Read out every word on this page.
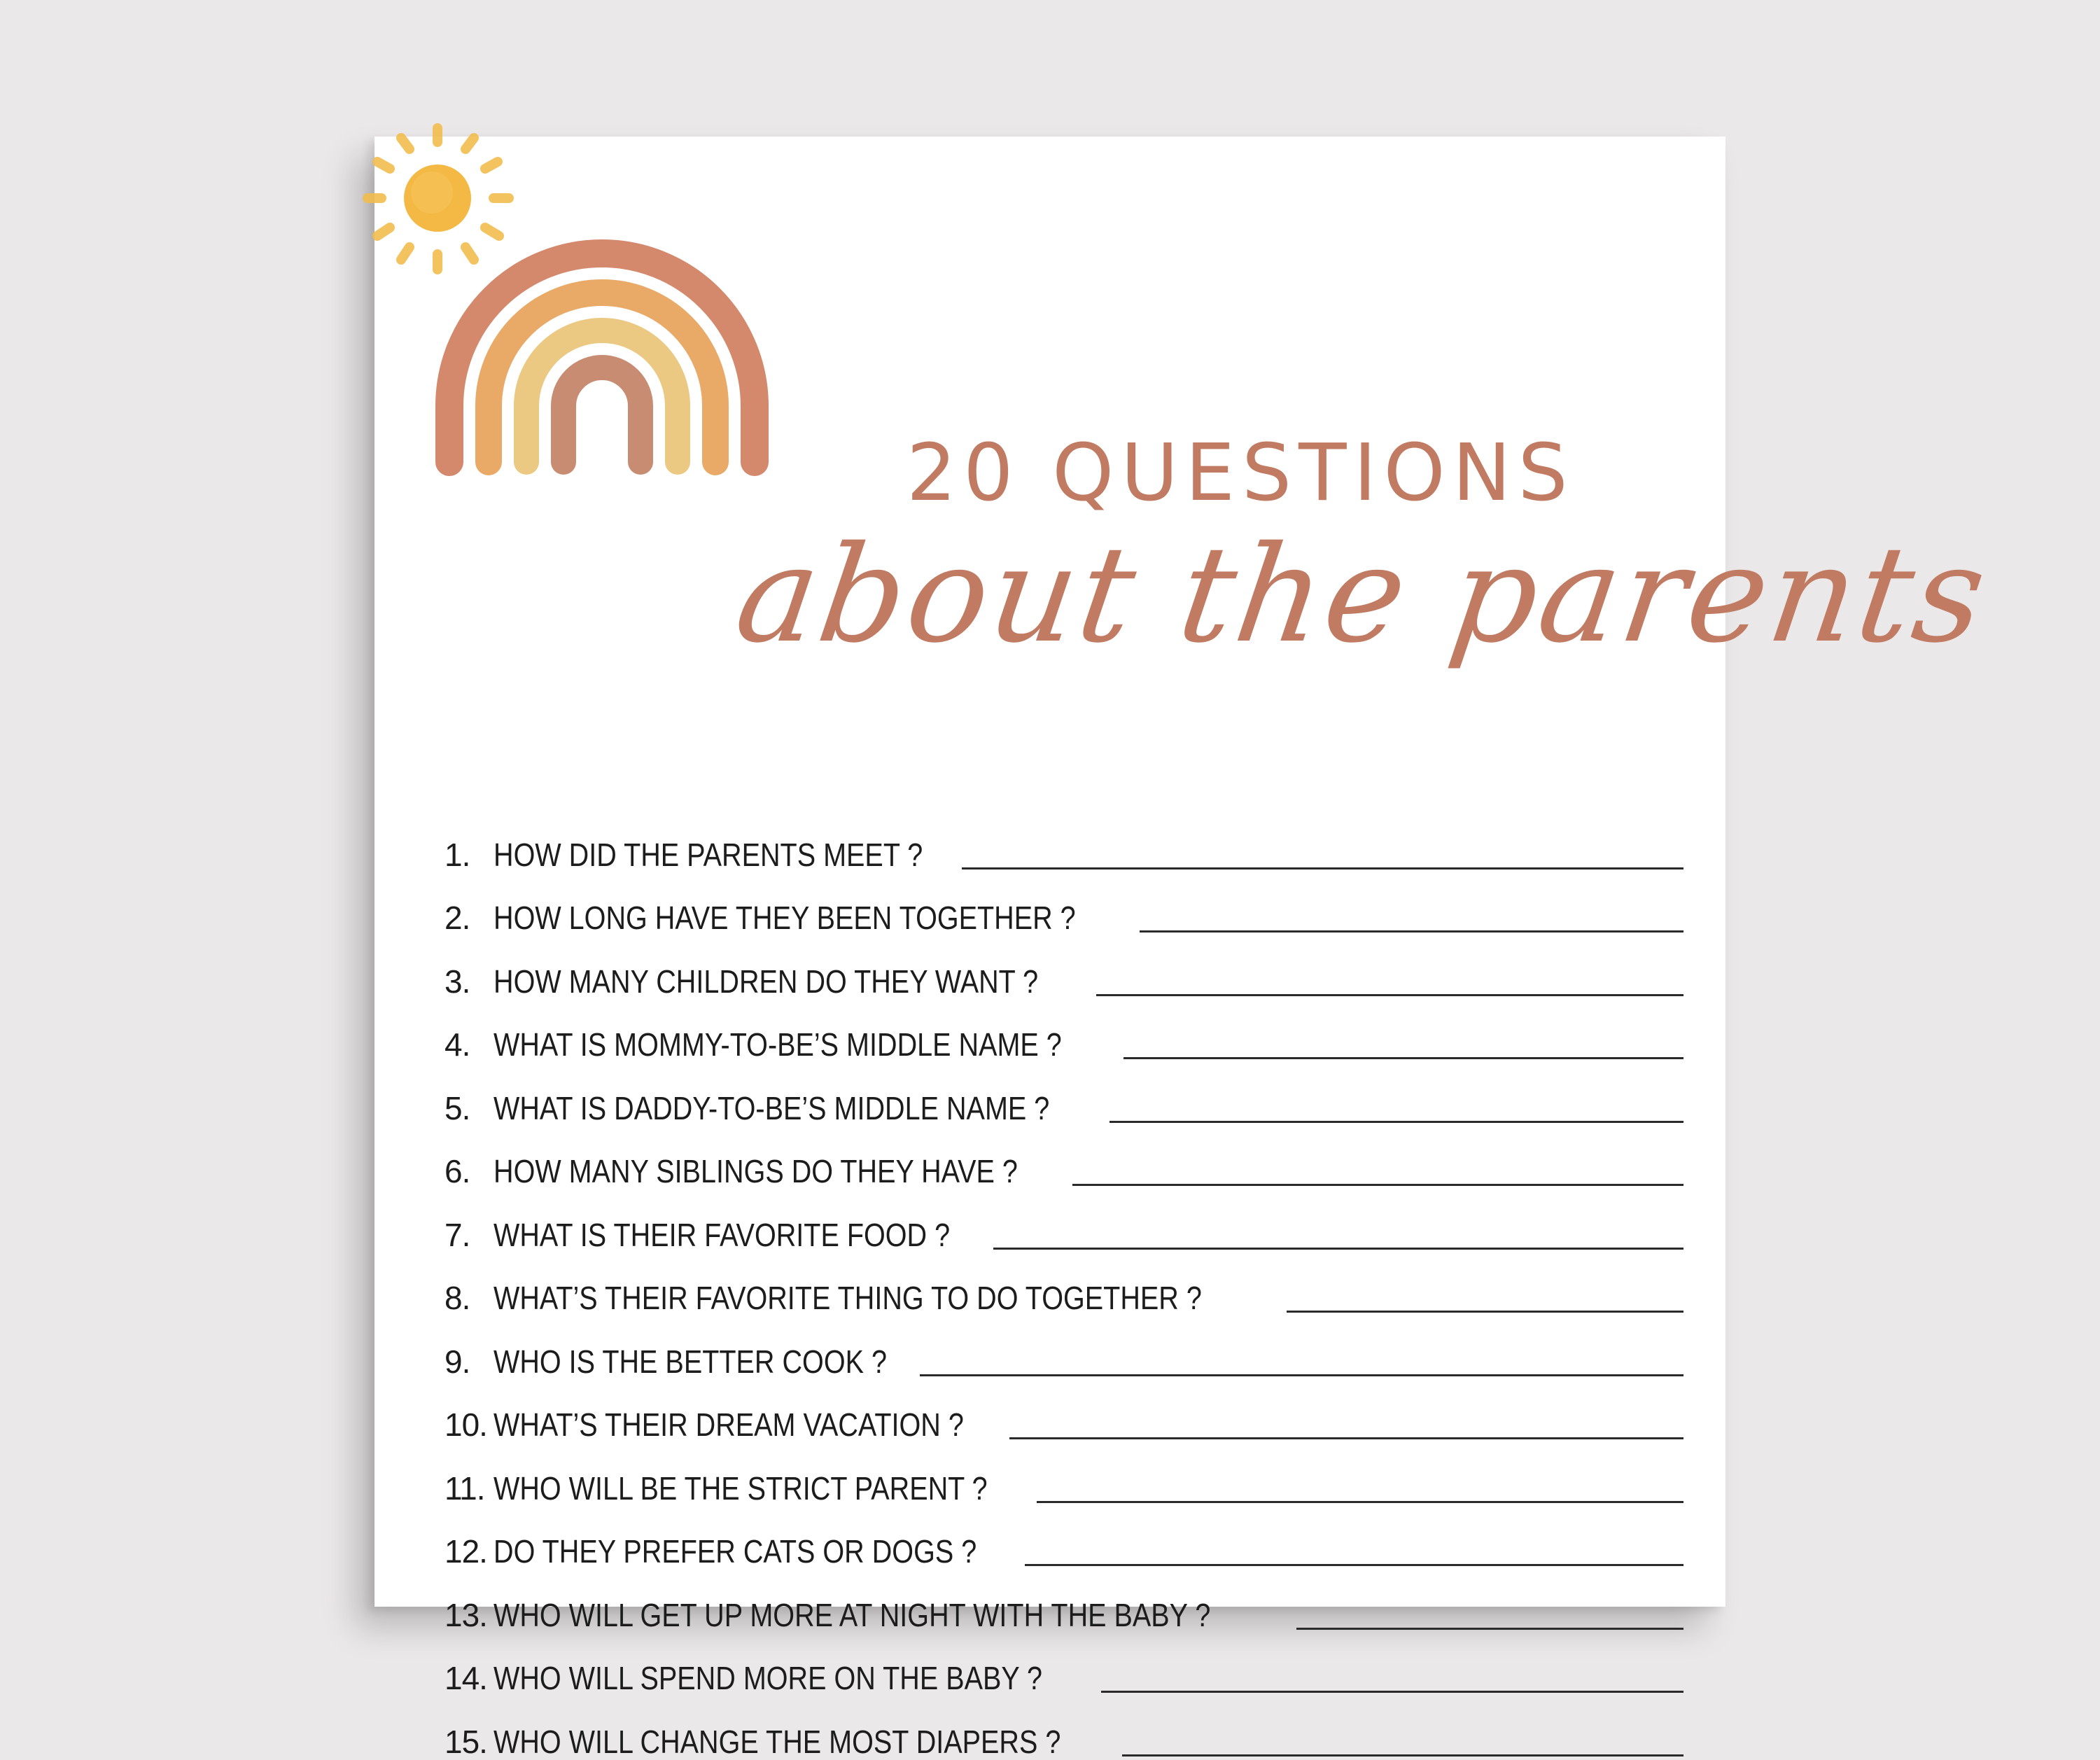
20 QUESTIONS
about the parents
1. HOW DID THE PARENTS MEET ?
2. HOW LONG HAVE THEY BEEN TOGETHER ?
3. HOW MANY CHILDREN DO THEY WANT ?
4. WHAT IS MOMMY-TO-BE’S MIDDLE NAME ?
5. WHAT IS DADDY-TO-BE’S MIDDLE NAME ?
6. HOW MANY SIBLINGS DO THEY HAVE ?
7. WHAT IS THEIR FAVORITE FOOD ?
8. WHAT’S THEIR FAVORITE THING TO DO TOGETHER ?
9. WHO IS THE BETTER COOK ?
10. WHAT’S THEIR DREAM VACATION ?
11. WHO WILL BE THE STRICT PARENT ?
12. DO THEY PREFER CATS OR DOGS ?
13. WHO WILL GET UP MORE AT NIGHT WITH THE BABY ?
14. WHO WILL SPEND MORE ON THE BABY ?
15. WHO WILL CHANGE THE MOST DIAPERS ?
